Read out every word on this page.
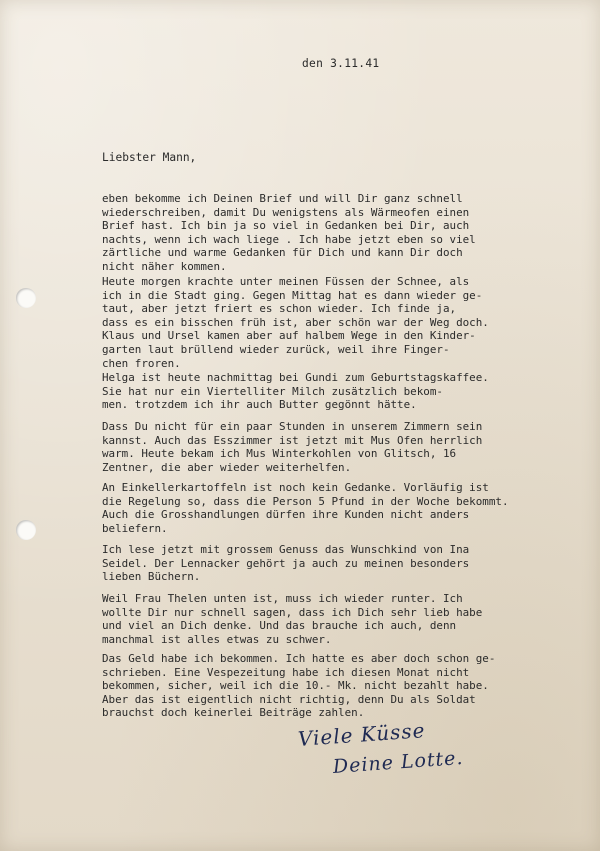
den 3.11.41
Liebster Mann,
eben bekomme ich Deinen Brief und will Dir ganz schnell
wiederschreiben, damit Du wenigstens als Wärmeofen einen
Brief hast. Ich bin ja so viel in Gedanken bei Dir, auch
nachts, wenn ich wach liege . Ich habe jetzt eben so viel
zärtliche und warme Gedanken für Dich und kann Dir doch
nicht näher kommen.
Heute morgen krachte unter meinen Füssen der Schnee, als
ich in die Stadt ging. Gegen Mittag hat es dann wieder ge-
taut, aber jetzt friert es schon wieder. Ich finde ja,
dass es ein bisschen früh ist, aber schön war der Weg doch.
Klaus und Ursel kamen aber auf halbem Wege in den Kinder-
garten laut brüllend wieder zurück, weil ihre Finger-
chen froren.
Helga ist heute nachmittag bei Gundi zum Geburtstagskaffee.
Sie hat nur ein Viertelliter Milch zusätzlich bekom-
men. trotzdem ich ihr auch Butter gegönnt hätte.
Dass Du nicht für ein paar Stunden in unserem Zimmern sein
kannst. Auch das Esszimmer ist jetzt mit Mus Ofen herrlich
warm. Heute bekam ich Mus Winterkohlen von Glitsch, 16
Zentner, die aber wieder weiterhelfen.
An Einkellerkartoffeln ist noch kein Gedanke. Vorläufig ist
die Regelung so, dass die Person 5 Pfund in der Woche bekommt.
Auch die Grosshandlungen dürfen ihre Kunden nicht anders
beliefern.
Ich lese jetzt mit grossem Genuss das Wunschkind von Ina
Seidel. Der Lennacker gehört ja auch zu meinen besonders
lieben Büchern.
Weil Frau Thelen unten ist, muss ich wieder runter. Ich
wollte Dir nur schnell sagen, dass ich Dich sehr lieb habe
und viel an Dich denke. Und das brauche ich auch, denn
manchmal ist alles etwas zu schwer.
Das Geld habe ich bekommen. Ich hatte es aber doch schon ge-
schrieben. Eine Vespezeitung habe ich diesen Monat nicht
bekommen, sicher, weil ich die 10.- Mk. nicht bezahlt habe.
Aber das ist eigentlich nicht richtig, denn Du als Soldat
brauchst doch keinerlei Beiträge zahlen.
Viele Küsse
Deine Lotte.
